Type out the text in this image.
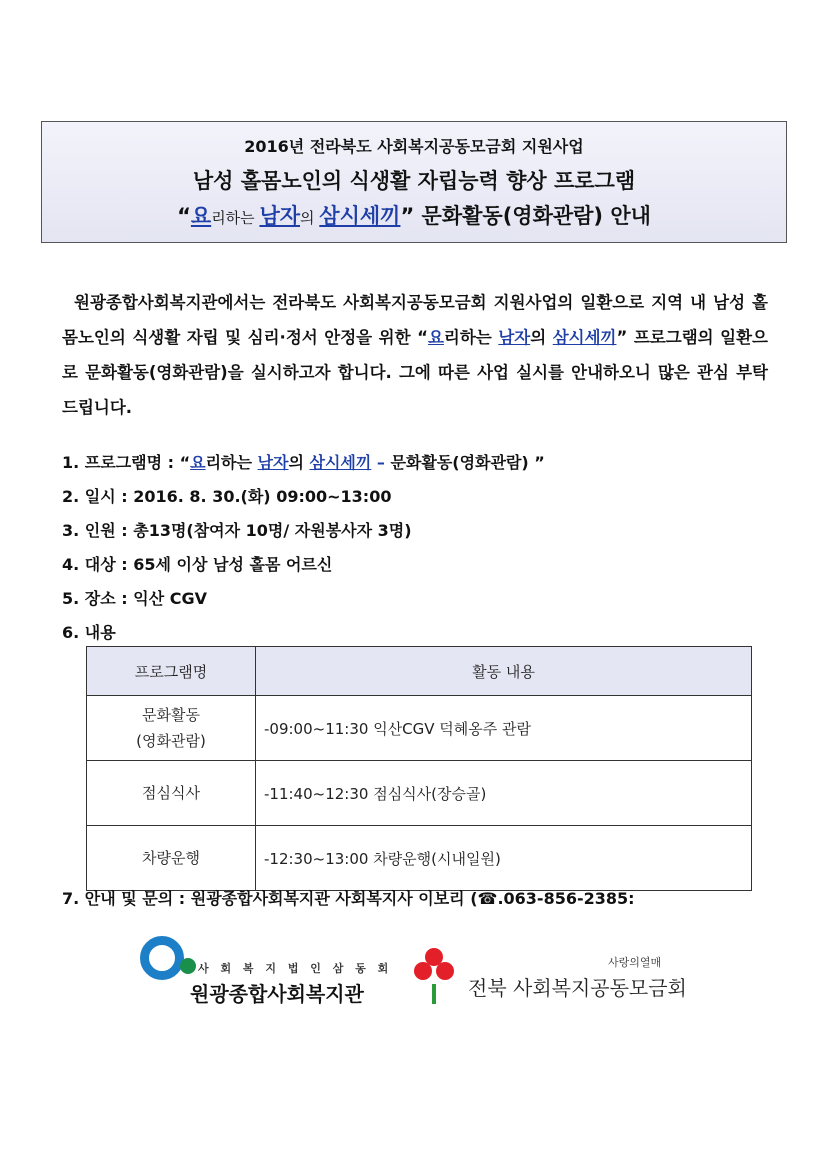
2016년 전라북도 사회복지공동모금회 지원사업
남성 홀몸노인의 식생활 자립능력 향상 프로그램
“요리하는 남자의 삼시세끼” 문화활동(영화관람) 안내

원광종합사회복지관에서는 전라북도 사회복지공동모금회 지원사업의 일환으로 지역 내 남성 홀몸노인의 식생활 자립 및 심리·정서 안정을 위한 “요리하는 남자의 삼시세끼” 프로그램의 일환으로 문화활동(영화관람)을 실시하고자 합니다. 그에 따른 사업 실시를 안내하오니 많은 관심 부탁드립니다.

1. 프로그램명 : “요리하는 남자의 삼시세끼 – 문화활동(영화관람) ”
2. 일시 : 2016. 8. 30.(화) 09:00~13:00
3. 인원 : 총13명(참여자 10명/ 자원봉사자 3명)
4. 대상 : 65세 이상 남성 홀몸 어르신
5. 장소 : 익산 CGV
6. 내용
프로그램명	활동 내용
문화활동
(영화관람)	-09:00~11:30 익산CGV 덕혜옹주 관람
점심식사	-11:40~12:30 점심식사(장승골)
차량운행	-12:30~13:00 차량운행(시내일원)
7. 안내 및 문의 : 원광종합사회복지관 사회복지사 이보리 (☎.063-856-2385:
사 회 복 지 법 인 삼 동 회
원광종합사회복지관
사랑의열매
전북 사회복지공동모금회
